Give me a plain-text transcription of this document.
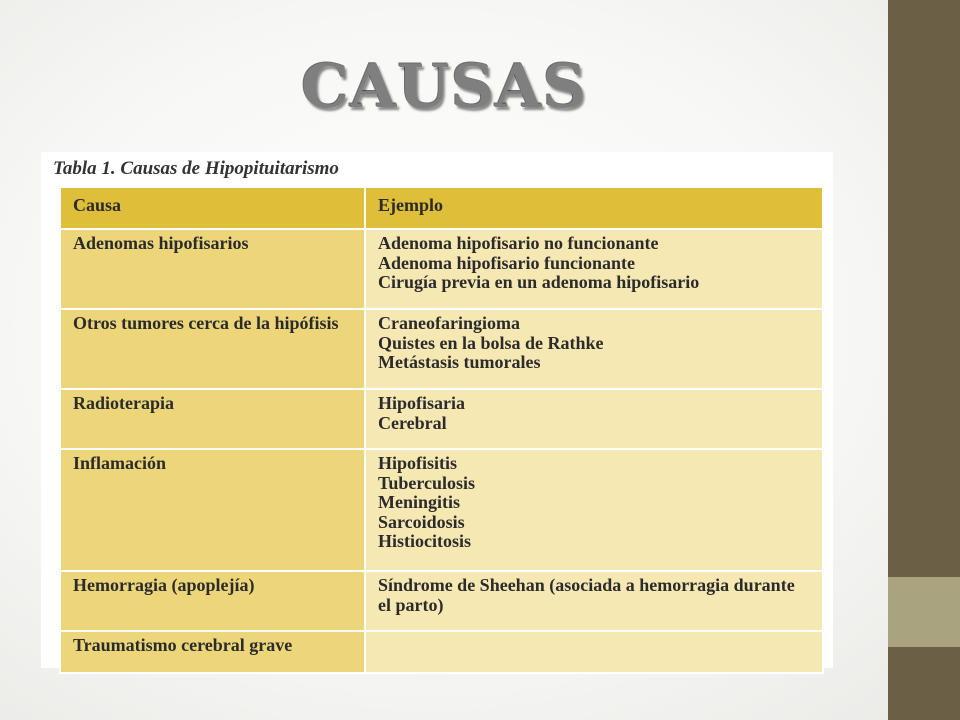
CAUSAS
Tabla 1. Causas de Hipopituitarismo
Causa	Ejemplo
Adenomas hipofisarios	Adenoma hipofisario no funcionante
Adenoma hipofisario funcionante
Cirugía previa en un adenoma hipofisario

Otros tumores cerca de la hipófisis	Craneofaringioma
Quistes en la bolsa de Rathke
Metástasis tumorales

Radioterapia	Hipofisaria
Cerebral

Inflamación	Hipofisitis
Tuberculosis
Meningitis
Sarcoidosis
Histiocitosis

Hemorragia (apoplejía)	Síndrome de Sheehan (asociada a hemorragia durante el parto)

Traumatismo cerebral grave	
